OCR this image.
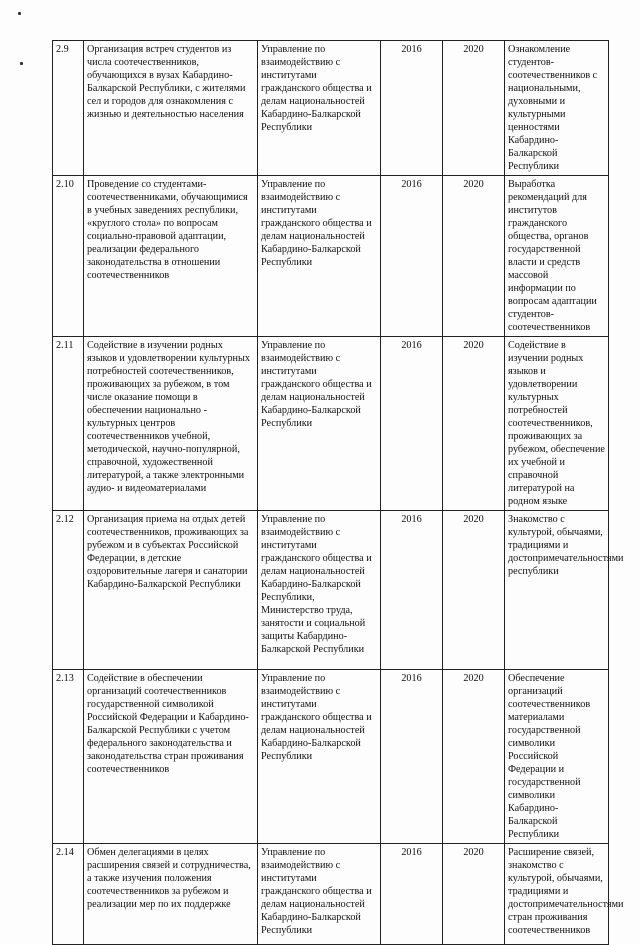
2.9	Организация встреч студентов из числа соотечественников, обучающихся в вузах Кабардино-Балкарской Республики, с жителями сел и городов для ознакомления с жизнью и деятельностью населения	Управление по взаимодействию с институтами гражданского общества и делам национальностей Кабардино-Балкарской Республики	2016	2020	Ознакомление студентов-соотечественников с национальными, духовными и культурными ценностями Кабардино-Балкарской Республики
2.10	Проведение со студентами-соотечественниками, обучающимися в учебных заведениях республики, «круглого стола» по вопросам социально-правовой адаптации, реализации федерального законодательства в отношении соотечественников	Управление по взаимодействию с институтами гражданского общества и делам национальностей Кабардино-Балкарской Республики	2016	2020	Выработка рекомендаций для институтов гражданского общества, органов государственной власти и средств массовой информации по вопросам адаптации студентов-соотечественников
2.11	Содействие в изучении родных языков и удовлетворении культурных потребностей соотечественников, проживающих за рубежом, в том числе оказание помощи в обеспечении национально - культурных центров соотечественников учебной, методической, научно-популярной, справочной, художественной литературой, а также электронными аудио- и видеоматериалами	Управление по взаимодействию с институтами гражданского общества и делам национальностей Кабардино-Балкарской Республики	2016	2020	Содействие в изучении родных языков и удовлетворении культурных потребностей соотечественников, проживающих за рубежом, обеспечение их учебной и справочной литературой на родном языке
2.12	Организация приема на отдых детей соотечественников, проживающих за рубежом и в субъектах Российской Федерации, в детские оздоровительные лагеря и санатории Кабардино-Балкарской Республики	Управление по взаимодействию с институтами гражданского общества и делам национальностей Кабардино-Балкарской Республики, Министерство труда, занятости и социальной защиты Кабардино-Балкарской Республики	2016	2020	Знакомство с культурой, обычаями, традициями и достопримечательностями республики
2.13	Содействие в обеспечении организаций соотечественников государственной символикой Российской Федерации и Кабардино-Балкарской Республики с учетом федерального законодательства и законодательства стран проживания соотечественников	Управление по взаимодействию с институтами гражданского общества и делам национальностей Кабардино-Балкарской Республики	2016	2020	Обеспечение организаций соотечественников материалами государственной символики Российской Федерации и государственной символики Кабардино-Балкарской Республики
2.14	Обмен делегациями в целях расширения связей и сотрудничества, а также изучения положения соотечественников за рубежом и реализации мер по их поддержке	Управление по взаимодействию с институтами гражданского общества и делам национальностей Кабардино-Балкарской Республики	2016	2020	Расширение связей, знакомство с культурой, обычаями, традициями и достопримечательностями стран проживания соотечественников
